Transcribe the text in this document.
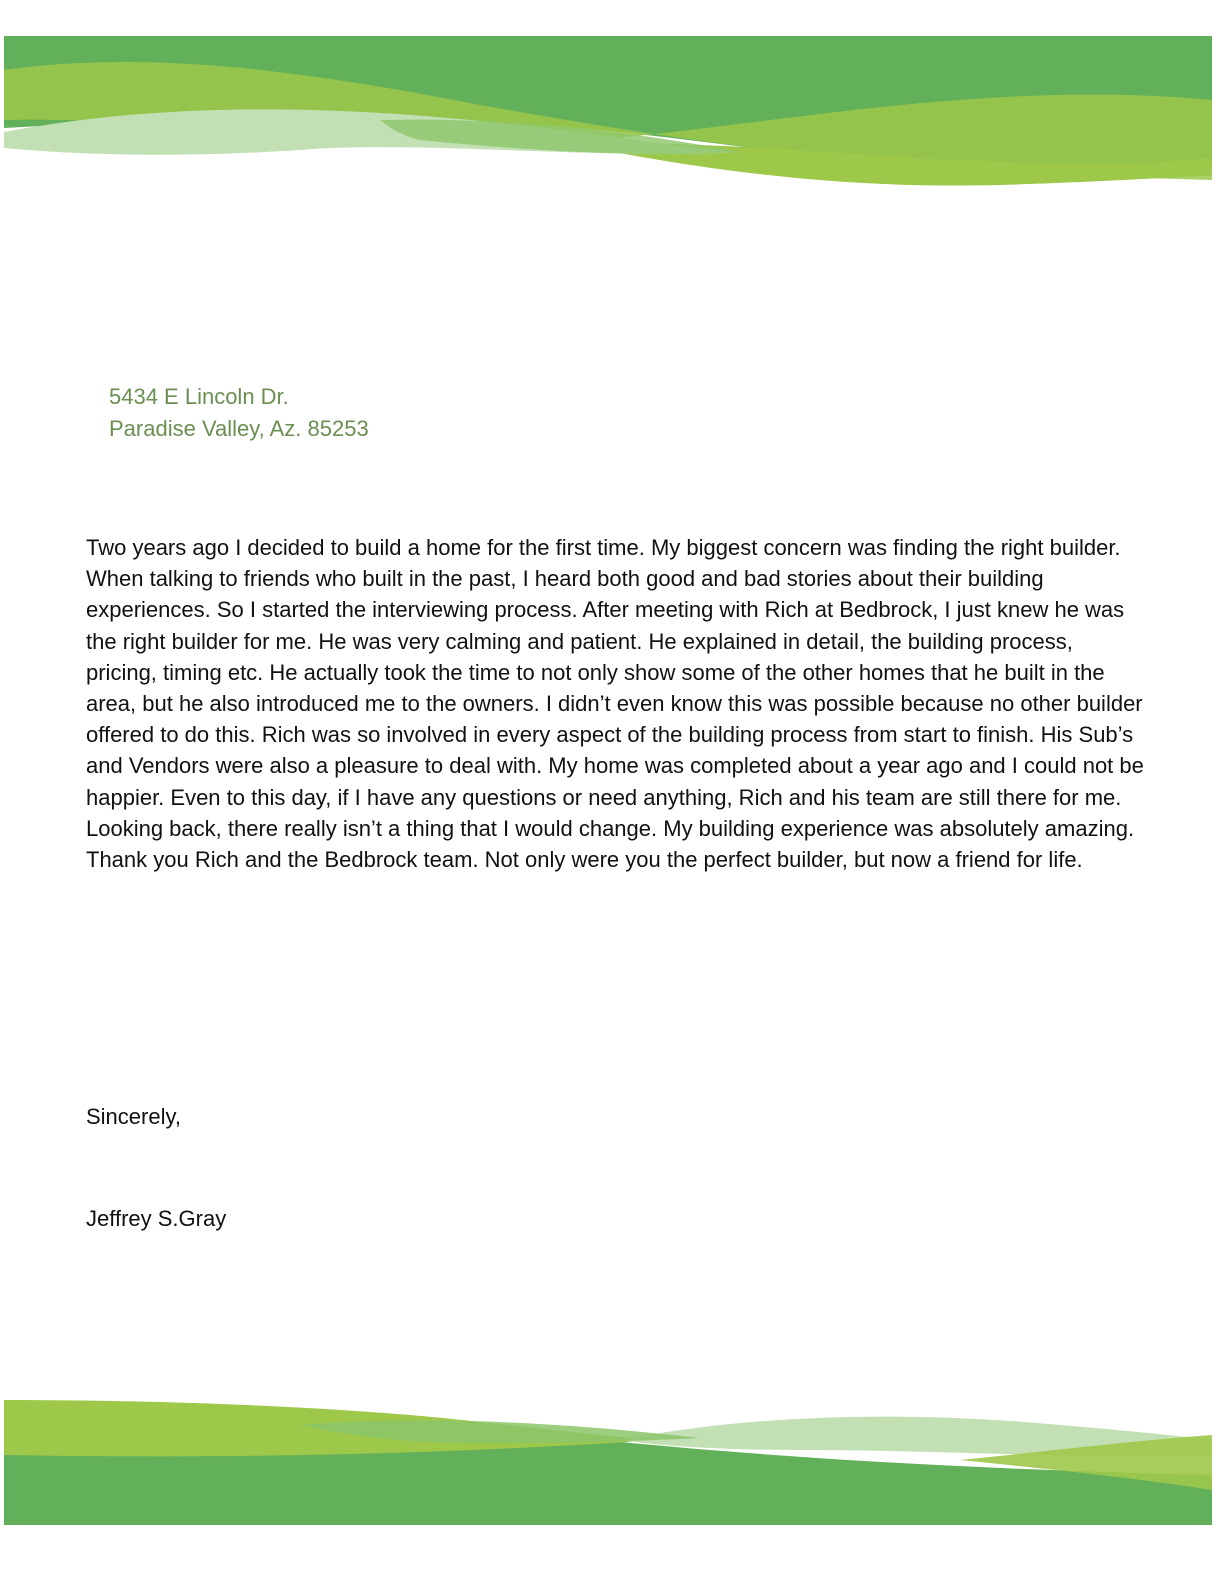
5434 E Lincoln Dr.
Paradise Valley, Az. 85253

Two years ago I decided to build a home for the first time. My biggest concern was finding the right builder. When talking to friends who built in the past, I heard both good and bad stories about their building experiences. So I started the interviewing process. After meeting with Rich at Bedbrock, I just knew he was the right builder for me. He was very calming and patient. He explained in detail, the building process, pricing, timing etc. He actually took the time to not only show some of the other homes that he built in the area, but he also introduced me to the owners. I didn’t even know this was possible because no other builder offered to do this. Rich was so involved in every aspect of the building process from start to finish. His Sub’s and Vendors were also a pleasure to deal with. My home was completed about a year ago and I could not be happier. Even to this day, if I have any questions or need anything, Rich and his team are still there for me. Looking back, there really isn’t a thing that I would change. My building experience was absolutely amazing. Thank you Rich and the Bedbrock team. Not only were you the perfect builder, but now a friend for life.

Sincerely,
Jeffrey S.Gray
